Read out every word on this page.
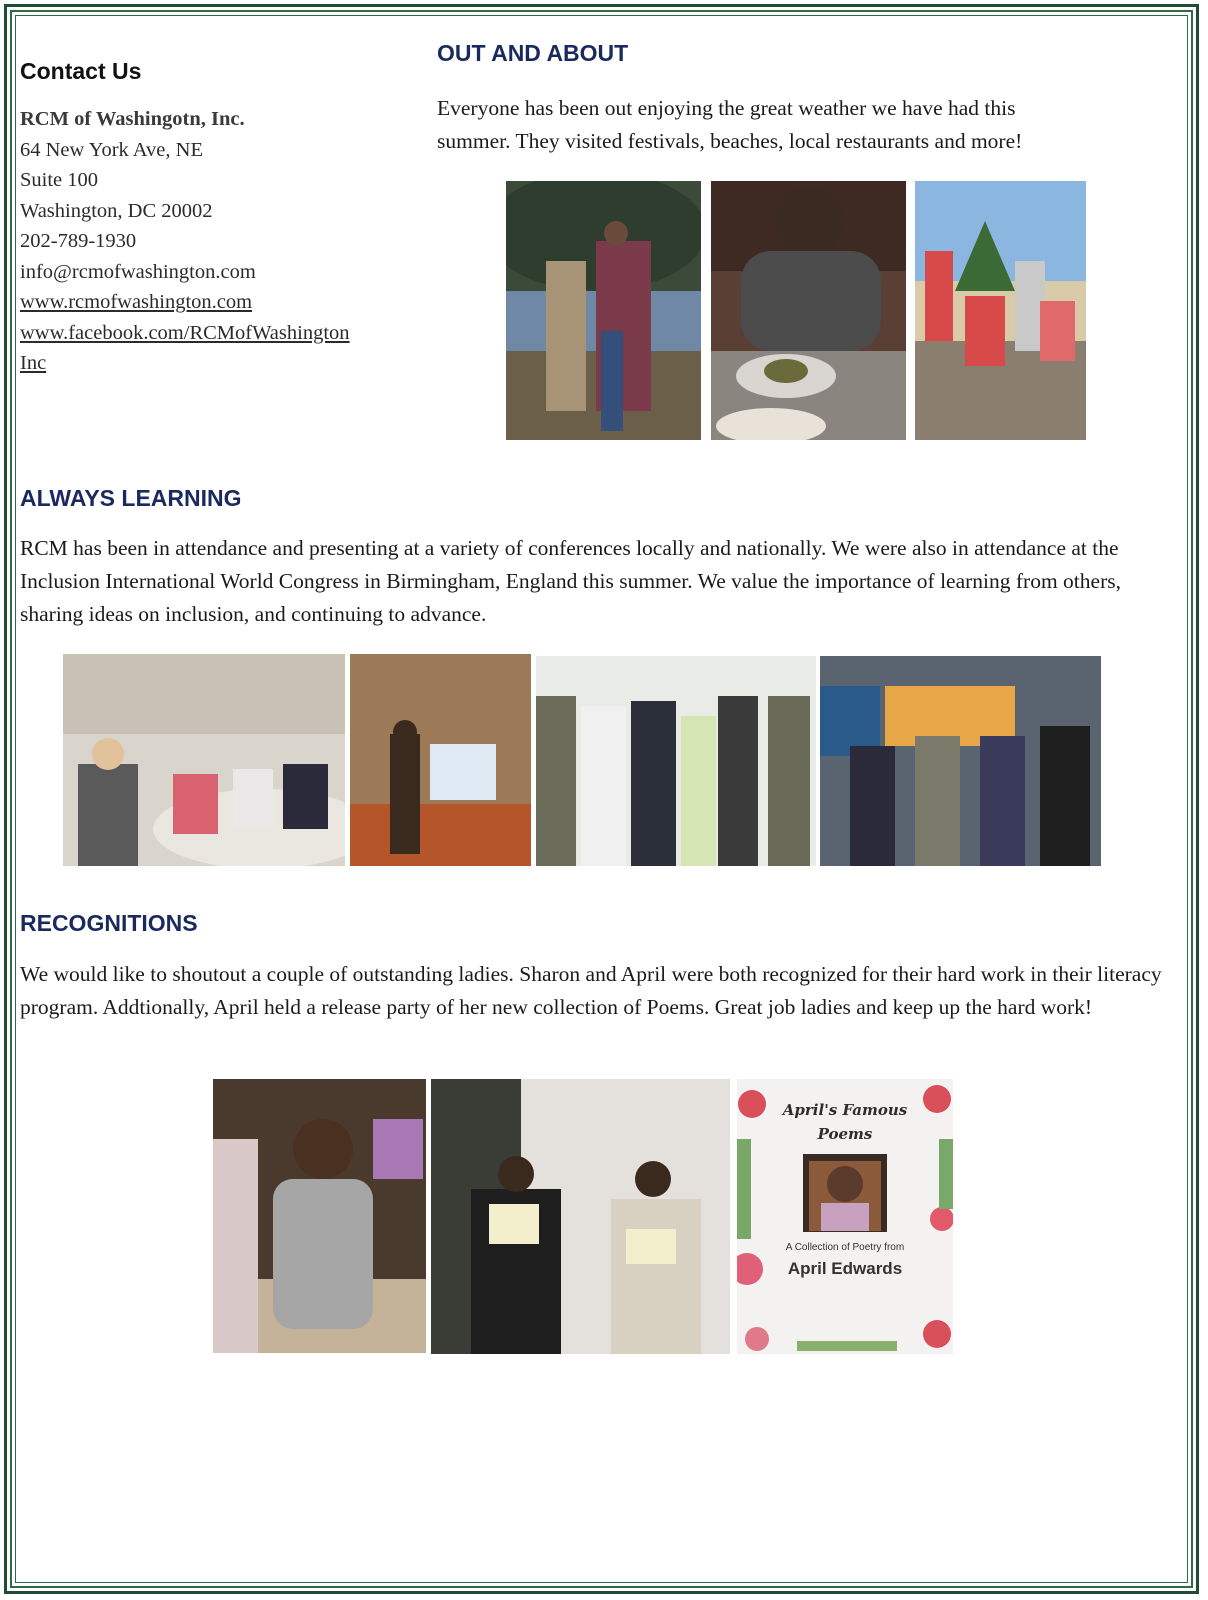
Contact Us
RCM of Washingotn, Inc.
64 New York Ave, NE
Suite 100
Washington, DC 20002
202-789-1930
info@rcmofwashington.com
www.rcmofwashington.com
www.facebook.com/RCMofWashington
Inc
OUT AND ABOUT

Everyone has been out enjoying the great weather we have had this
summer. They visited festivals, beaches, local restaurants and more!

ALWAYS LEARNING

RCM has been in attendance and presenting at a variety of conferences locally and nationally. We were also in attendance at the Inclusion International World Congress in Birmingham, England this summer. We value the importance of learning from others, sharing ideas on inclusion, and continuing to advance.

RECOGNITIONS

We would like to shoutout a couple of outstanding ladies. Sharon and April were both recognized for their hard work in their literacy program. Addtionally, April held a release party of her new collection of Poems. Great job ladies and keep up the hard work!

April's Famous
Poems
A Collection of Poetry from
April Edwards
